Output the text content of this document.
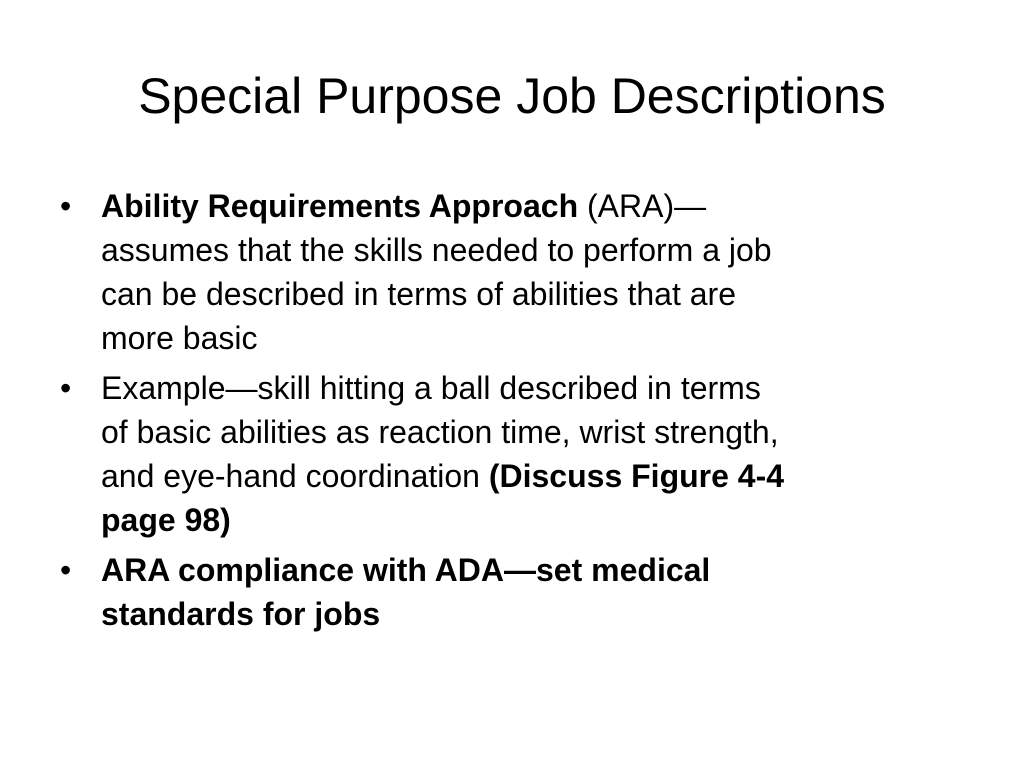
Special Purpose Job Descriptions
• Ability Requirements Approach (ARA)—
assumes that the skills needed to perform a job
can be described in terms of abilities that are
more basic
• Example—skill hitting a ball described in terms
of basic abilities as reaction time, wrist strength,
and eye-hand coordination (Discuss Figure 4-4
page 98)
• ARA compliance with ADA—set medical
standards for jobs
